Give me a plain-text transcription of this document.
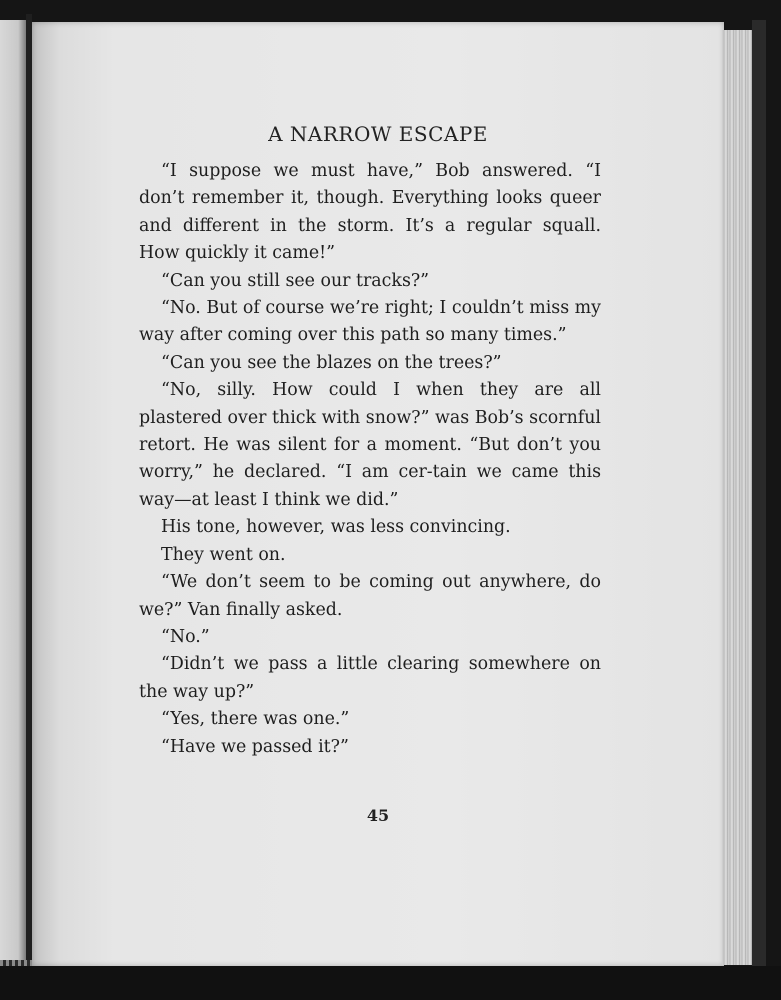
A NARROW ESCAPE

“I suppose we must have,” Bob answered. “I don’t remember it, though. Everything looks queer and different in the storm. It’s a regular squall. How quickly it came!”

“Can you still see our tracks?”

“No. But of course we’re right; I couldn’t miss my way after coming over this path so many times.”

“Can you see the blazes on the trees?”

“No, silly. How could I when they are all plastered over thick with snow?” was Bob’s scornful retort. He was silent for a moment. “But don’t you worry,” he declared. “I am cer-tain we came this way—at least I think we did.”

His tone, however, was less convincing.

They went on.

“We don’t seem to be coming out anywhere, do we?” Van finally asked.

“No.”

“Didn’t we pass a little clearing somewhere on the way up?”

“Yes, there was one.”

“Have we passed it?”

45
